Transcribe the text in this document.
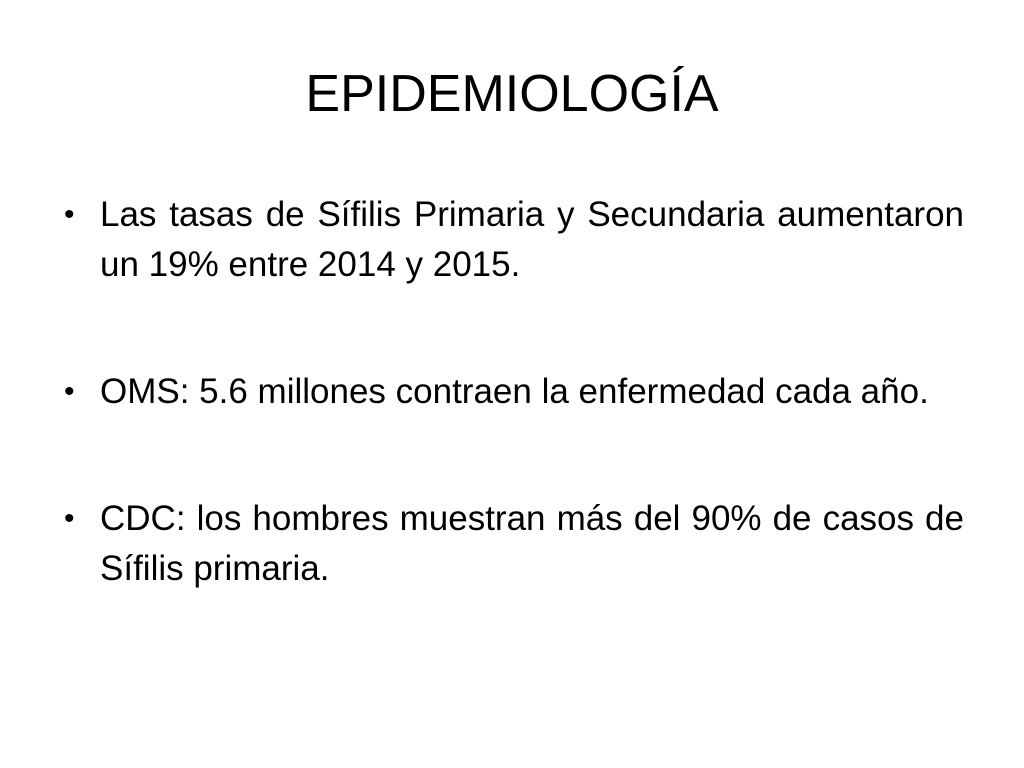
EPIDEMIOLOGÍA
• Las tasas de Sífilis Primaria y Secundaria aumentaron un 19% entre 2014 y 2015.
• OMS: 5.6 millones contraen la enfermedad cada año.
• CDC: los hombres muestran más del 90% de casos de Sífilis primaria.
